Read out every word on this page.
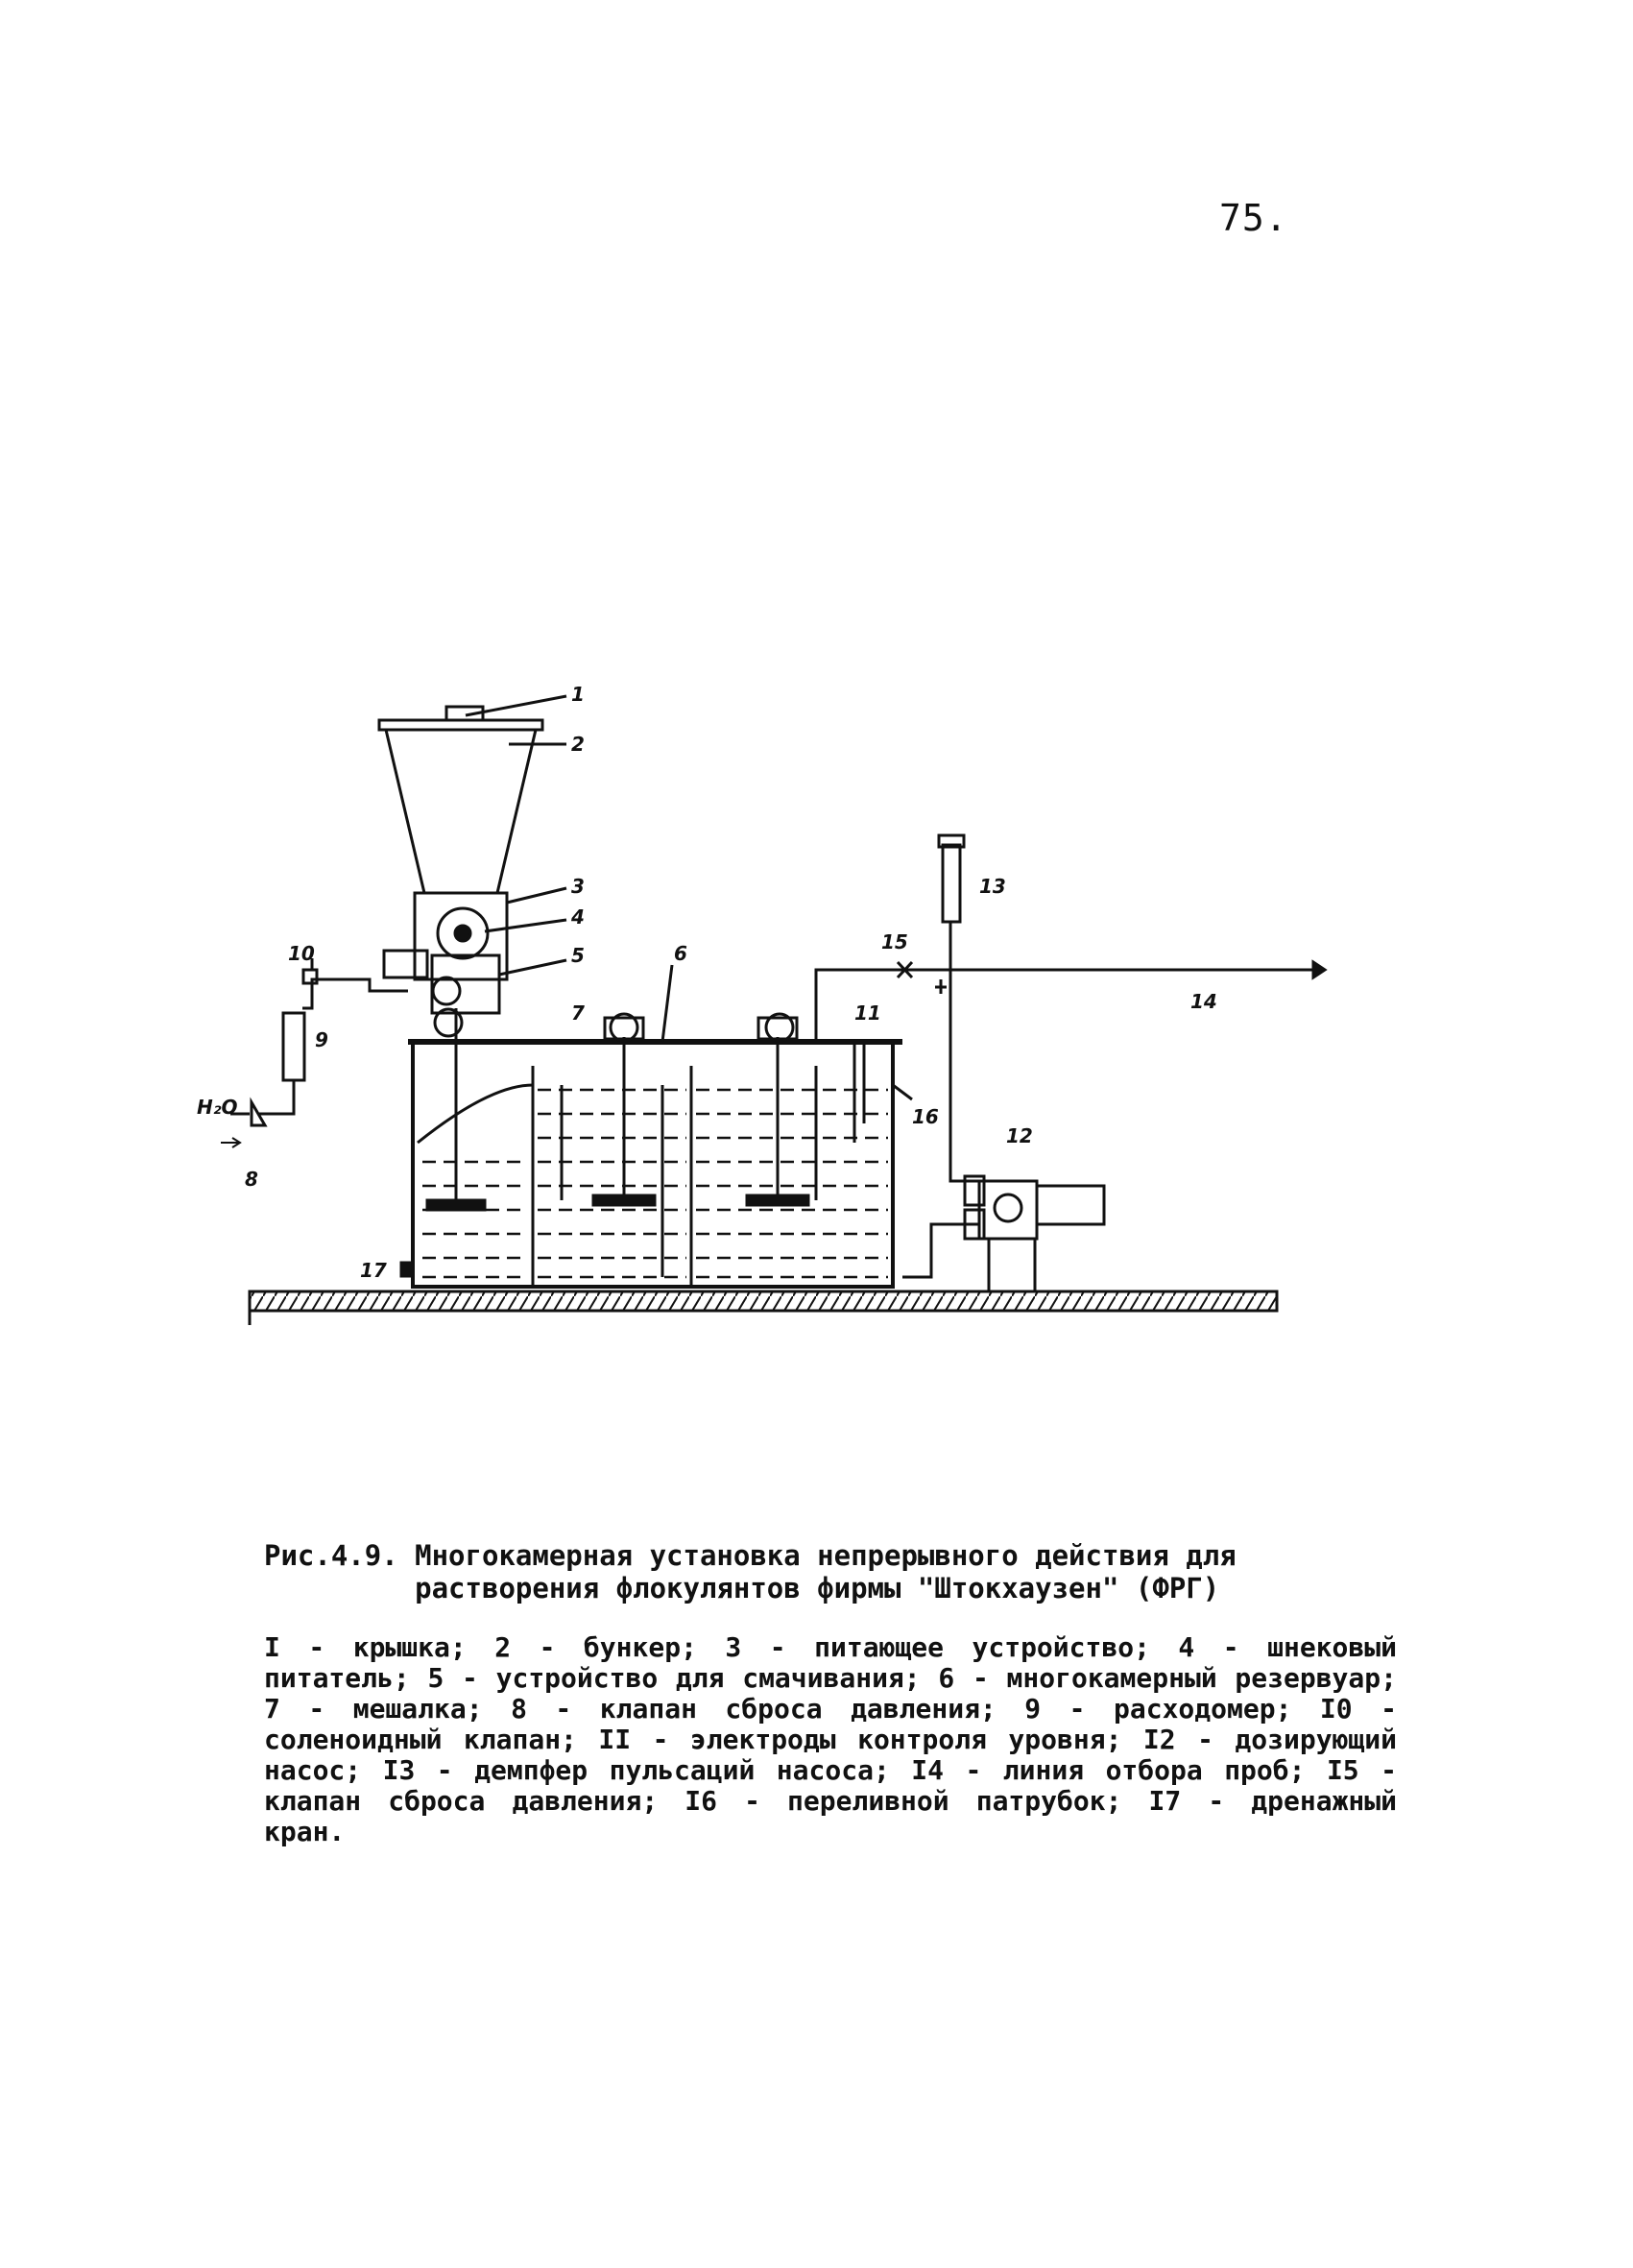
75.
1
2
3
4
5	6
7
8
9
10
11
12
13
14
15
16
17
H₂O
Рис.4.9. Многокамерная установка непрерывного действия для
растворения флокулянтов фирмы "Штокхаузен" (ФРГ)
I - крышка; 2 - бункер; 3 - питающее устройство; 4 - шнековый питатель; 5 - устройство для смачивания; 6 - многокамерный резервуар; 7 - мешалка; 8 - клапан сброса давления; 9 - расходомер; I0 - соленоидный клапан; II - электроды контроля уровня; I2 - дозирующий насос; I3 - демпфер пульсаций насоса; I4 - линия отбора проб; I5 - клапан сброса давления; I6 - переливной патрубок; I7 - дренажный кран.
